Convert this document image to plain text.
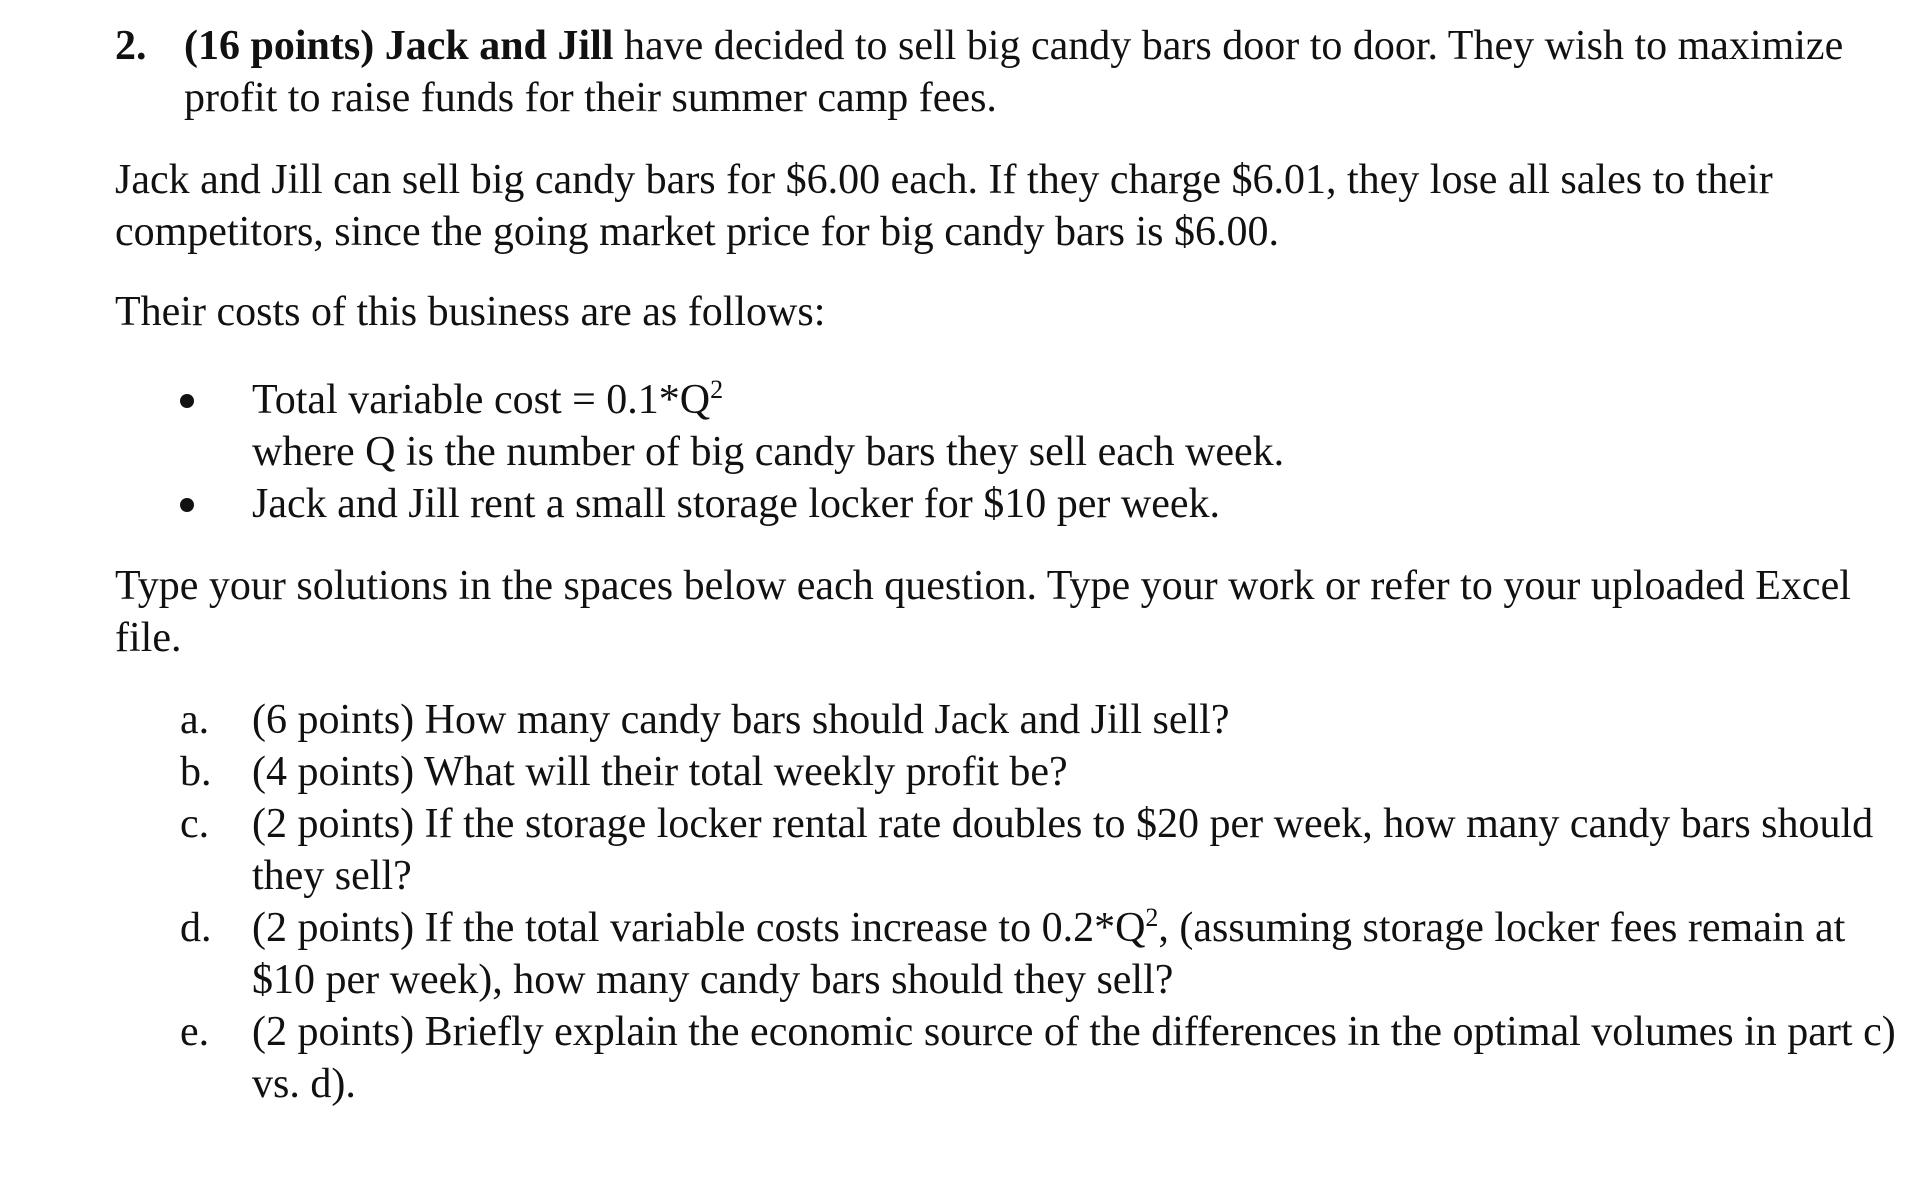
2. (16 points) Jack and Jill have decided to sell big candy bars door to door. They wish to maximize
profit to raise funds for their summer camp fees.
Jack and Jill can sell big candy bars for $6.00 each. If they charge $6.01, they lose all sales to their
competitors, since the going market price for big candy bars is $6.00.
Their costs of this business are as follows:
Total variable $\cos t = 0.1*Q^2$
where Q is the number of big candy bars they sell each week.
Jack and Jill rent a small storage locker for $10 per week.
Type your solutions in the spaces below each question. Type your work or refer to your uploaded Excel
file.
a. (6 points) How many candy bars should Jack and Jill sell?
b. (4 points) What will their total weekly profit be?
c. (2 points) If the storage locker rental rate doubles to $20 per week, how many candy bars should
they sell?
d. (2 points) If the total variable costs increase to $0.2*Q^2$, (assuming storage locker fees remain at
$10 per week), how many candy bars should they sell?
e. (2 points) Briefly explain the economic source of the differences in the optimal volumes in part c)
vs. d).
